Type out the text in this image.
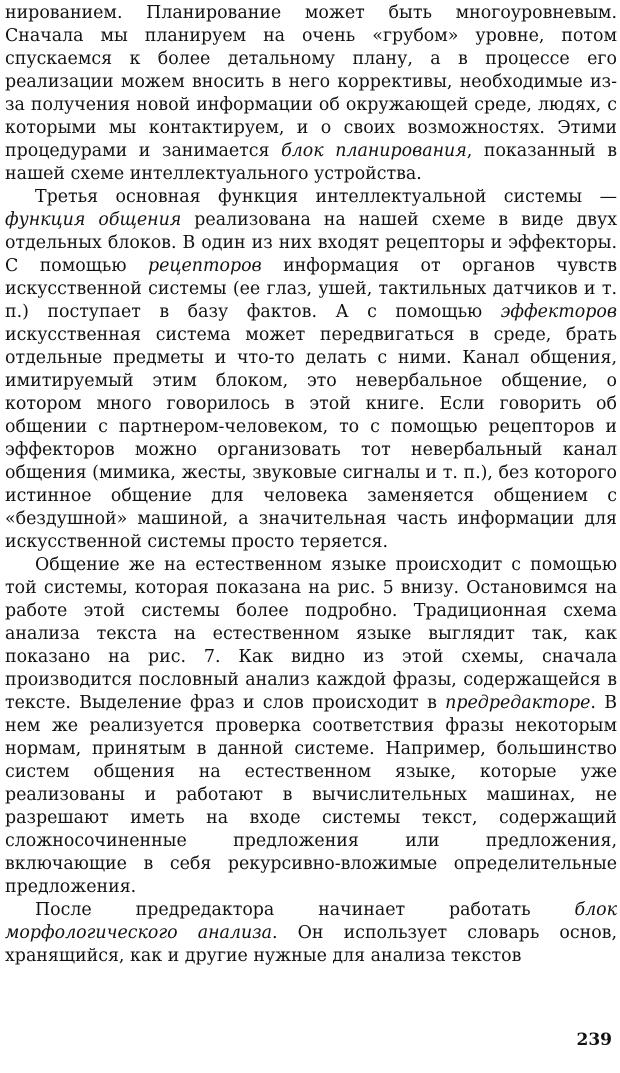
нированием. Планирование может быть многоуровневым. Сначала мы планируем на очень «грубом» уровне, потом спускаемся к более детальному плану, а в процессе его реализации можем вносить в него коррективы, необходимые из-за получения новой информации об окружающей среде, людях, с которыми мы контактируем, и о своих возможностях. Этими процедурами и занимается блок планирования, показанный в нашей схеме интеллектуального устройства.

Третья основная функция интеллектуальной системы — функция общения реализована на нашей схеме в виде двух отдельных блоков. В один из них входят рецепторы и эффекторы. С помощью рецепторов информация от органов чувств искусственной системы (ее глаз, ушей, тактильных датчиков и т. п.) поступает в базу фактов. А с помощью эффекторов искусственная система может передвигаться в среде, брать отдельные предметы и что-то делать с ними. Канал общения, имитируемый этим блоком, это невербальное общение, о котором много говорилось в этой книге. Если говорить об общении с партнером-человеком, то с помощью рецепторов и эффекторов можно организовать тот невербальный канал общения (мимика, жесты, звуковые сигналы и т. п.), без которого истинное общение для человека заменяется общением с «бездушной» машиной, а значительная часть информации для искусственной системы просто теряется.

Общение же на естественном языке происходит с помощью той системы, которая показана на рис. 5 внизу. Остановимся на работе этой системы более подробно. Традиционная схема анализа текста на естественном языке выглядит так, как показано на рис. 7. Как видно из этой схемы, сначала производится пословный анализ каждой фразы, содержащейся в тексте. Выделение фраз и слов происходит в предредакторе. В нем же реализуется проверка соответствия фразы некоторым нормам, принятым в данной системе. Например, большинство систем общения на естественном языке, которые уже реализованы и работают в вычислительных машинах, не разрешают иметь на входе системы текст, содержащий сложносочиненные предложения или предложения, включающие в себя рекурсивно-вложимые определительные предложения.

После предредактора начинает работать блок морфологического анализа. Он использует словарь основ, хранящийся, как и другие нужные для анализа текстов

239
